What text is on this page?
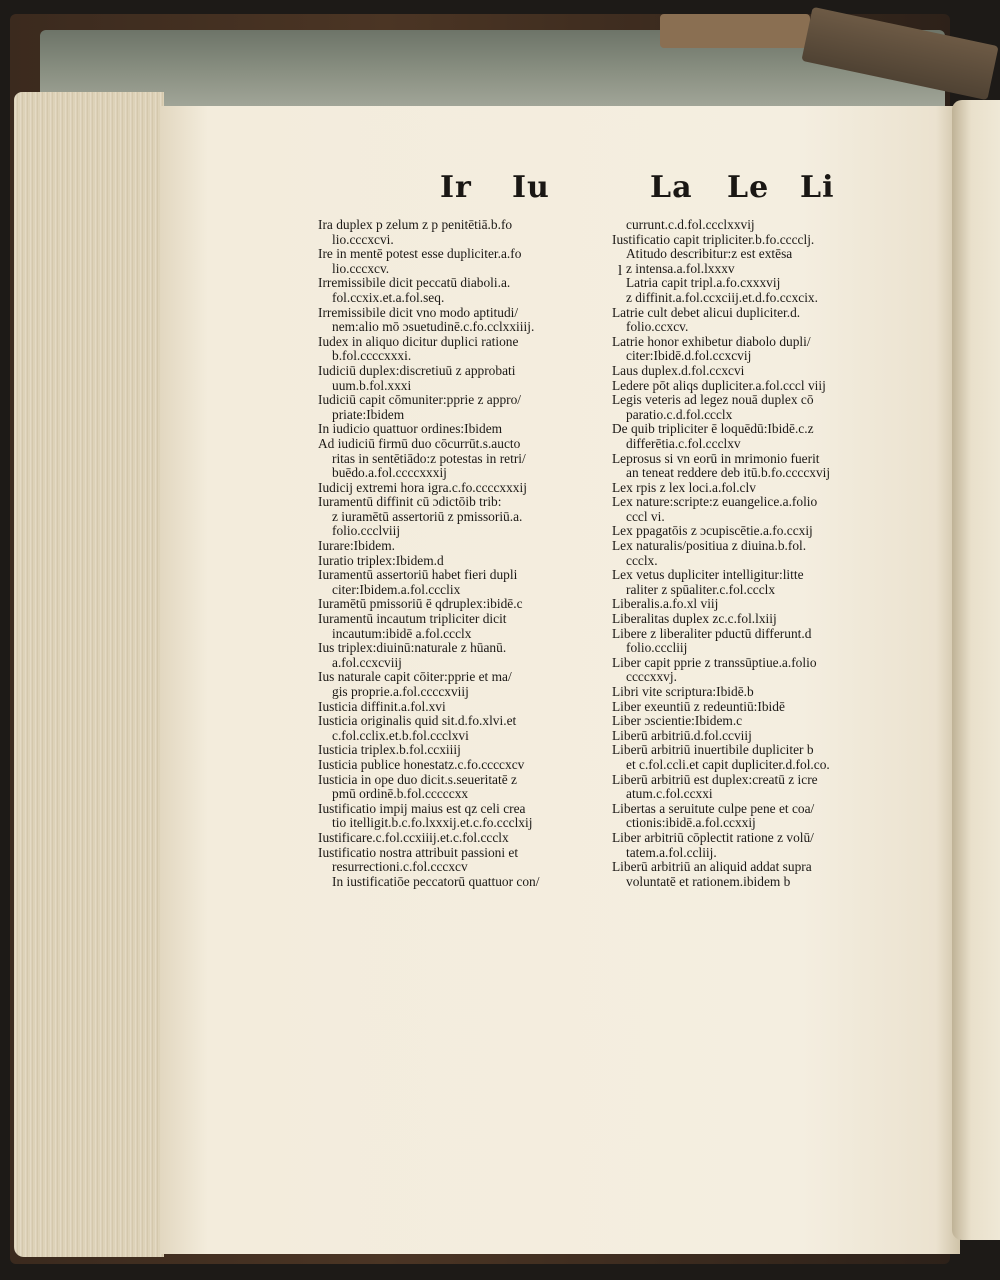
Ir Iu	La Le Li
l
Ira duplex p zelum z p penitētiā.b.fo
lio.cccxcvi.
Ire in mentē potest esse dupliciter.a.fo
lio.cccxcv.
Irremissibile dicit peccatū diaboli.a.
fol.ccxix.et.a.fol.seq.
Irremissibile dicit vno modo aptitudi/
nem:alio mō ɔsuetudinē.c.fo.cclxxiiij.
Iudex in aliquo dicitur duplici ratione
b.fol.ccccxxxi.
Iudiciū duplex:discretiuū z approbati
uum.b.fol.xxxi
Iudiciū capit cōmuniter:pprie z appro/
priate:Ibidem
In iudicio quattuor ordines:Ibidem
Ad iudiciū firmū duo cōcurrūt.s.aucto
ritas in sentētiādo:z potestas in retri/
buēdo.a.fol.ccccxxxij
Iudicij extremi hora igra.c.fo.ccccxxxij
Iuramentū diffinit cū ɔdictōib trib:
z iuramētū assertoriū z pmissoriū.a.
folio.ccclviij
Iurare:Ibidem.
Iuratio triplex:Ibidem.d
Iuramentū assertoriū habet fieri dupli
citer:Ibidem.a.fol.ccclix
Iuramētū pmissoriū ē qdruplex:ibidē.c
Iuramentū incautum tripliciter dicit
incautum:ibidē a.fol.ccclx
Ius triplex:diuinū:naturale z hūanū.
a.fol.ccxcviij
Ius naturale capit cōiter:pprie et ma/
gis proprie.a.fol.ccccxviij
Iusticia diffinit.a.fol.xvi
Iusticia originalis quid sit.d.fo.xlvi.et
c.fol.cclix.et.b.fol.ccclxvi
Iusticia triplex.b.fol.ccxiiij
Iusticia publice honestatz.c.fo.ccccxcv
Iusticia in ope duo dicit.s.seueritatē z
pmū ordinē.b.fol.cccccxx
Iustificatio impij maius est qz celi crea
tio itelligit.b.c.fo.lxxxij.et.c.fo.ccclxij
Iustificare.c.fol.ccxiiij.et.c.fol.ccclx
Iustificatio nostra attribuit passioni et
resurrectioni.c.fol.cccxcv
In iustificatiōe peccatorū quattuor con/
currunt.c.d.fol.ccclxxvij
Iustificatio capit tripliciter.b.fo.cccclj.
Atitudo describitur:z est extēsa
z intensa.a.fol.lxxxv
Latria capit tripl.a.fo.cxxxvij
z diffinit.a.fol.ccxciij.et.d.fo.ccxcix.
Latrie cult debet alicui dupliciter.d.
folio.ccxcv.
Latrie honor exhibetur diabolo dupli/
citer:Ibidē.d.fol.ccxcvij
Laus duplex.d.fol.ccxcvi
Ledere pōt aliqs dupliciter.a.fol.cccl viij
Legis veteris ad legez nouā duplex cō
paratio.c.d.fol.ccclx
De quib tripliciter ē loquēdū:Ibidē.c.z
differētia.c.fol.ccclxv
Leprosus si vn eorū in mrimonio fuerit
an teneat reddere deb itū.b.fo.ccccxvij
Lex rpis z lex loci.a.fol.clv
Lex nature:scripte:z euangelice.a.folio
cccl vi.
Lex ppagatōis z ɔcupiscētie.a.fo.ccxij
Lex naturalis/positiua z diuina.b.fol.
ccclx.
Lex vetus dupliciter intelligitur:litte
raliter z spūaliter.c.fol.ccclx
Liberalis.a.fo.xl viij
Liberalitas duplex zc.c.fol.lxiij
Libere z liberaliter pductū differunt.d
folio.cccliij
Liber capit pprie z transsūptiue.a.folio
ccccxxvj.
Libri vite scriptura:Ibidē.b
Liber exeuntiū z redeuntiū:Ibidē
Liber ɔscientie:Ibidem.c
Liberū arbitriū.d.fol.ccviij
Liberū arbitriū inuertibile dupliciter b
et c.fol.ccli.et capit dupliciter.d.fol.co.
Liberū arbitriū est duplex:creatū z icre
atum.c.fol.ccxxi
Libertas a seruitute culpe pene et coa/
ctionis:ibidē.a.fol.ccxxij
Liber arbitriū cōplectit ratione z volū/
tatem.a.fol.ccliij.
Liberū arbitriū an aliquid addat supra
voluntatē et rationem.ibidem b
